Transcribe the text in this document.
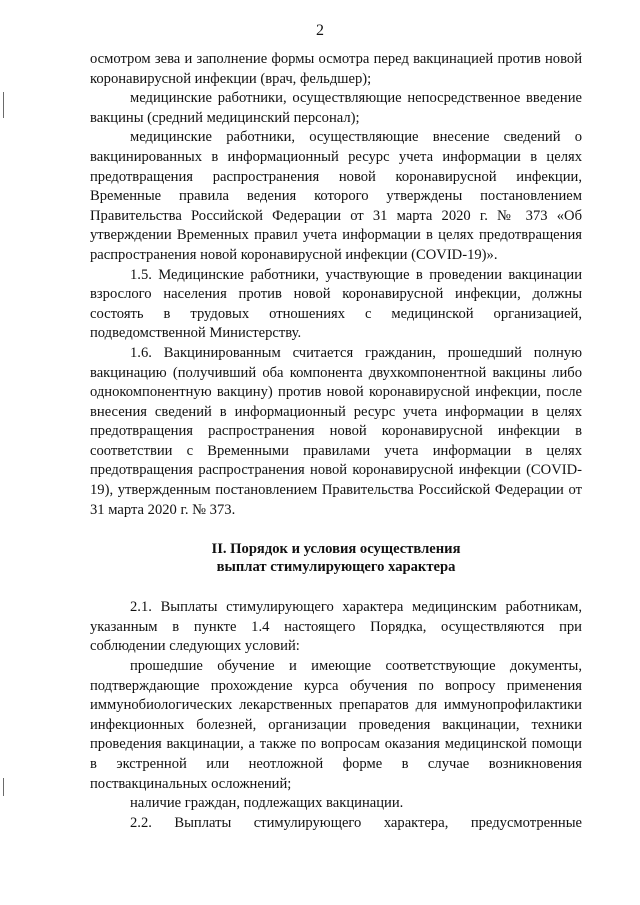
2

осмотром зева и заполнение формы осмотра перед вакцинацией против новой коронавирусной инфекции (врач, фельдшер);

медицинские работники, осуществляющие непосредственное введение вакцины (средний медицинский персонал);

медицинские работники, осуществляющие внесение сведений о вакцинированных в информационный ресурс учета информации в целях предотвращения распространения новой коронавирусной инфекции, Временные правила ведения которого утверждены постановлением Правительства Российской Федерации от 31 марта 2020 г. № 373 «Об утверждении Временных правил учета информации в целях предотвращения распространения новой коронавирусной инфекции (COVID-19)».

1.5. Медицинские работники, участвующие в проведении вакцинации взрослого населения против новой коронавирусной инфекции, должны состоять в трудовых отношениях с медицинской организацией, подведомственной Министерству.

1.6. Вакцинированным считается гражданин, прошедший полную вакцинацию (получивший оба компонента двухкомпонентной вакцины либо однокомпонентную вакцину) против новой коронавирусной инфекции, после внесения сведений в информационный ресурс учета информации в целях предотвращения распространения новой коронавирусной инфекции в соответствии с Временными правилами учета информации в целях предотвращения распространения новой коронавирусной инфекции (COVID-19), утвержденным постановлением Правительства Российской Федерации от 31 марта 2020 г. № 373.

II. Порядок и условия осуществления
выплат стимулирующего характера

2.1. Выплаты стимулирующего характера медицинским работникам, указанным в пункте 1.4 настоящего Порядка, осуществляются при соблюдении следующих условий:

прошедшие обучение и имеющие соответствующие документы, подтверждающие прохождение курса обучения по вопросу применения иммунобиологических лекарственных препаратов для иммунопрофилактики инфекционных болезней, организации проведения вакцинации, техники проведения вакцинации, а также по вопросам оказания медицинской помощи в экстренной или неотложной форме в случае возникновения поствакцинальных осложнений;

наличие граждан, подлежащих вакцинации.

2.2. Выплаты стимулирующего характера, предусмотренные
